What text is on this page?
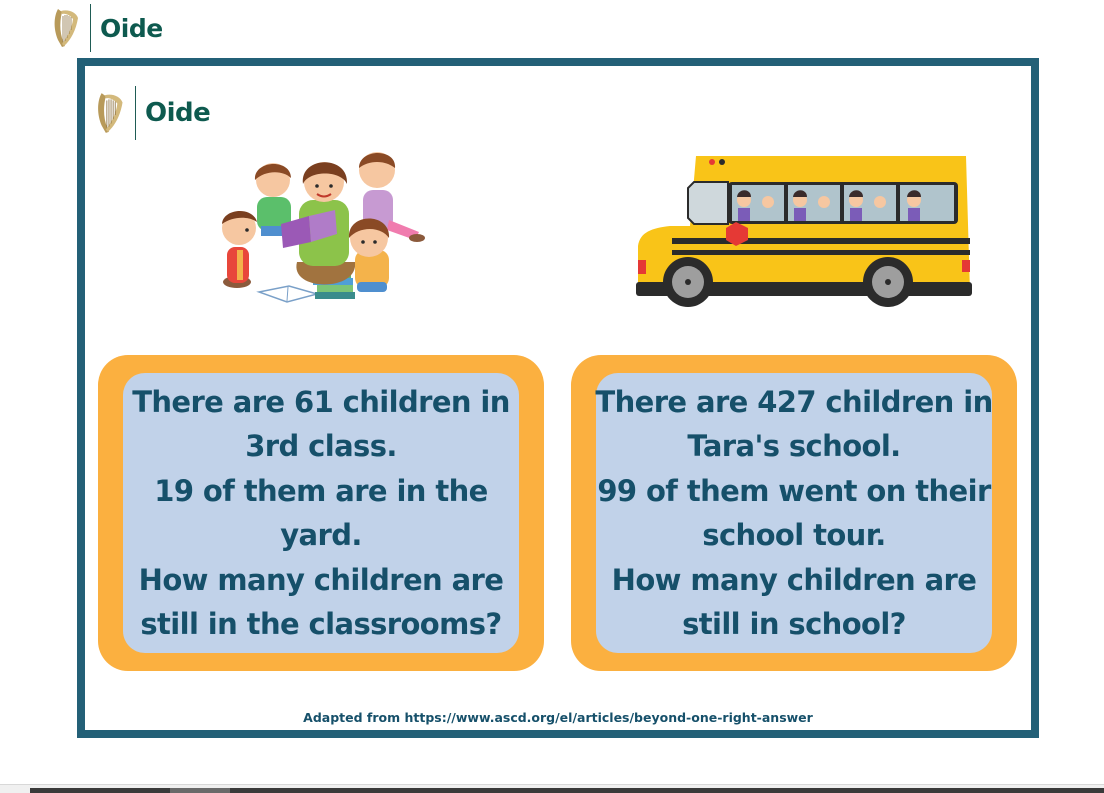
Oide
Oide
There are 61 children in
3rd class.
19 of them are in the
yard.
How many children are
still in the classrooms?
There are 427 children in
Tara's school.
99 of them went on their
school tour.
How many children are
still in school?
Adapted from https://www.ascd.org/el/articles/beyond-one-right-answer
